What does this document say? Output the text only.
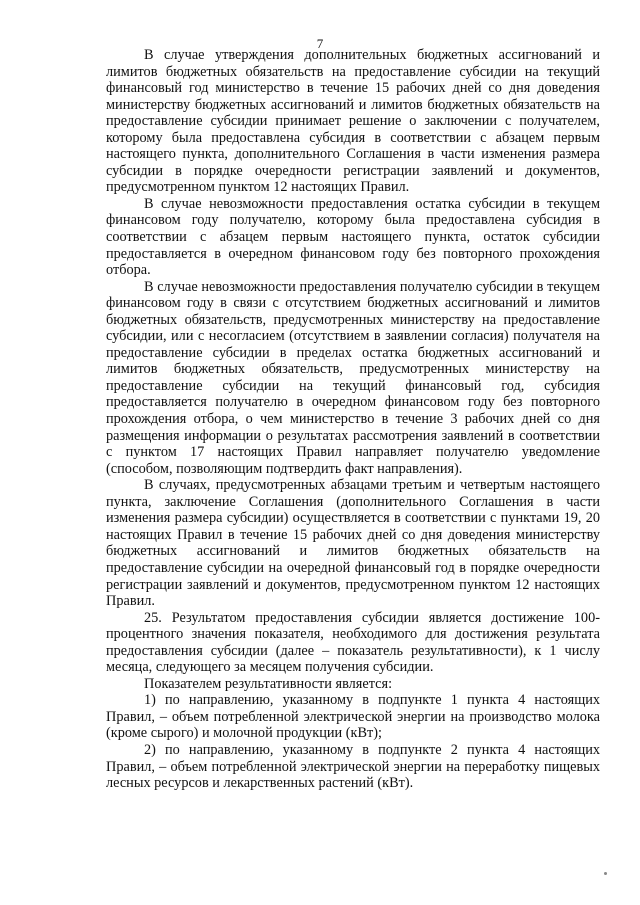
7

В случае утверждения дополнительных бюджетных ассигнований и лимитов бюджетных обязательств на предоставление субсидии на текущий финансовый год министерство в течение 15 рабочих дней со дня доведения министерству бюджетных ассигнований и лимитов бюджетных обязательств на предоставление субсидии принимает решение о заключении с получателем, которому была предоставлена субсидия в соответствии с абзацем первым настоящего пункта, дополнительного Соглашения в части изменения размера субсидии в порядке очередности регистрации заявлений и документов, предусмотренном пунктом 12 настоящих Правил.

В случае невозможности предоставления остатка субсидии в текущем финансовом году получателю, которому была предоставлена субсидия в соответствии с абзацем первым настоящего пункта, остаток субсидии предоставляется в очередном финансовом году без повторного прохождения отбора.

В случае невозможности предоставления получателю субсидии в текущем финансовом году в связи с отсутствием бюджетных ассигнований и лимитов бюджетных обязательств, предусмотренных министерству на предоставление субсидии, или с несогласием (отсутствием в заявлении согласия) получателя на предоставление субсидии в пределах остатка бюджетных ассигнований и лимитов бюджетных обязательств, предусмотренных министерству на предоставление субсидии на текущий финансовый год, субсидия предоставляется получателю в очередном финансовом году без повторного прохождения отбора, о чем министерство в течение 3 рабочих дней со дня размещения информации о результатах рассмотрения заявлений в соответствии с пунктом 17 настоящих Правил направляет получателю уведомление (способом, позволяющим подтвердить факт направления).

В случаях, предусмотренных абзацами третьим и четвертым настоящего пункта, заключение Соглашения (дополнительного Соглашения в части изменения размера субсидии) осуществляется в соответствии с пунктами 19, 20 настоящих Правил в течение 15 рабочих дней со дня доведения министерству бюджетных ассигнований и лимитов бюджетных обязательств на предоставление субсидии на очередной финансовый год в порядке очередности регистрации заявлений и документов, предусмотренном пунктом 12 настоящих Правил.

25. Результатом предоставления субсидии является достижение 100-процентного значения показателя, необходимого для достижения результата предоставления субсидии (далее – показатель результативности), к 1 числу месяца, следующего за месяцем получения субсидии.

Показателем результативности является:

1) по направлению, указанному в подпункте 1 пункта 4 настоящих Правил, – объем потребленной электрической энергии на производство молока (кроме сырого) и молочной продукции (кВт);

2) по направлению, указанному в подпункте 2 пункта 4 настоящих Правил, – объем потребленной электрической энергии на переработку пищевых лесных ресурсов и лекарственных растений (кВт).
